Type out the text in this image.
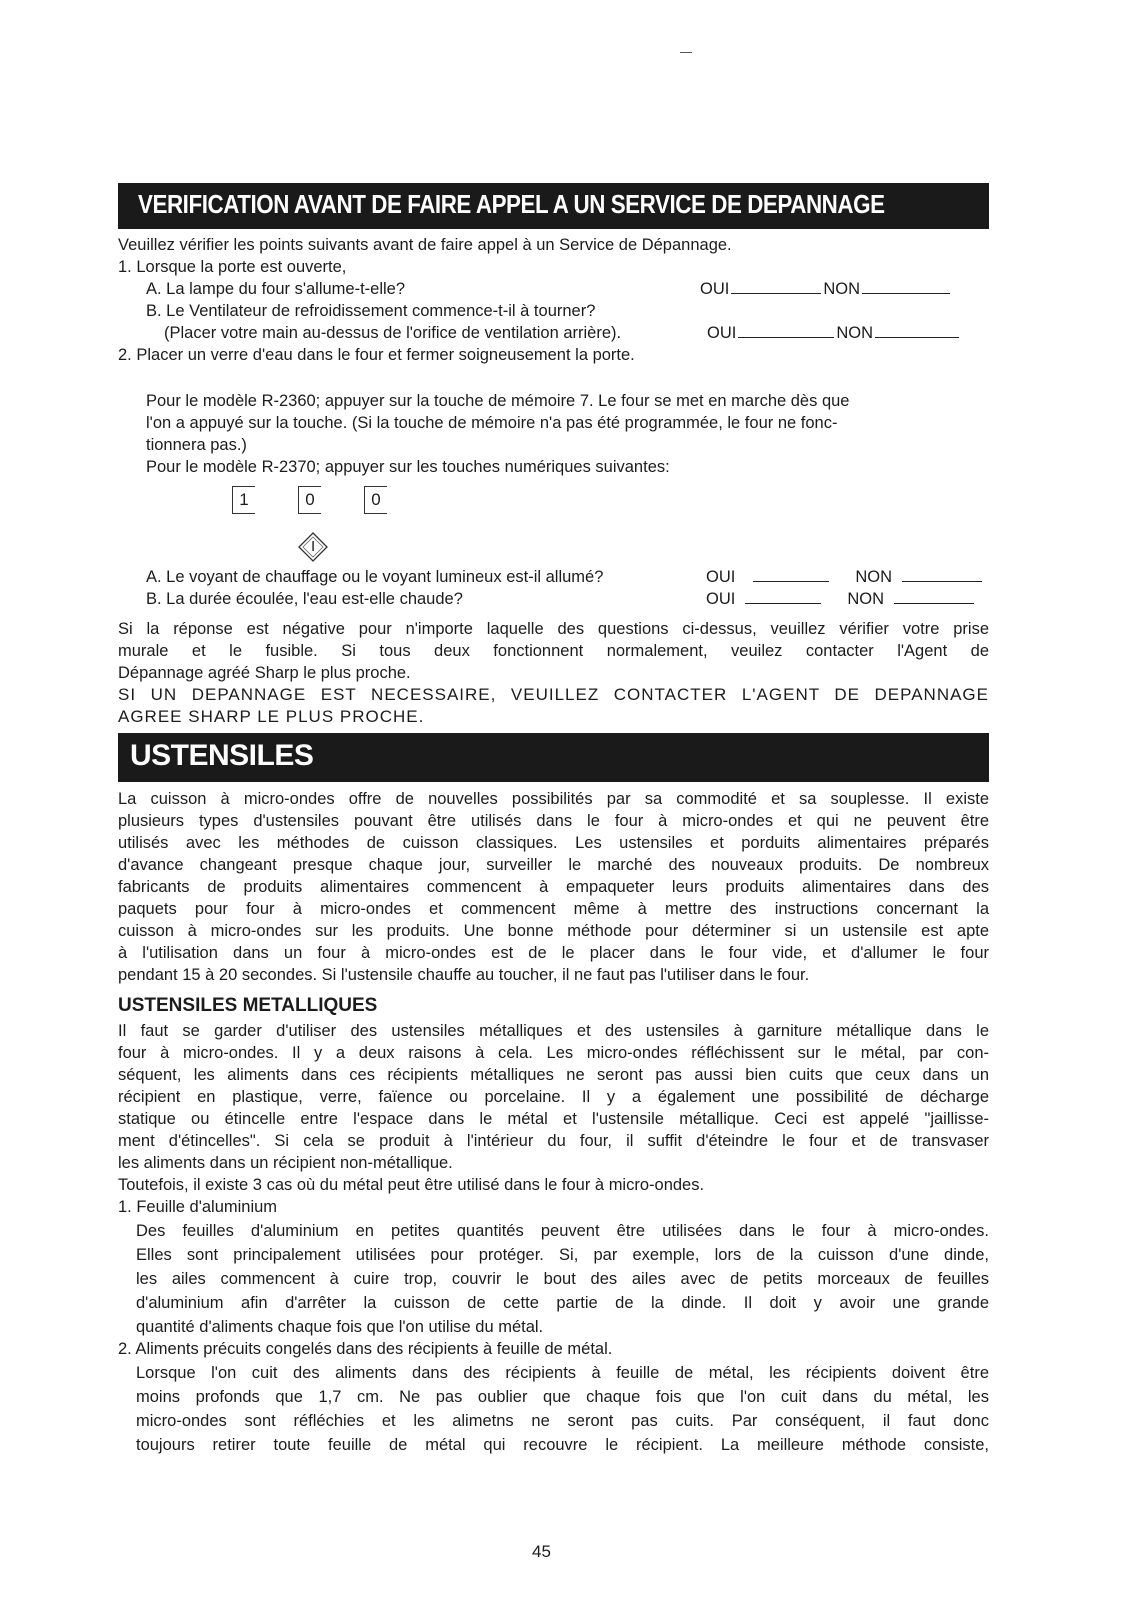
VERIFICATION AVANT DE FAIRE APPEL A UN SERVICE DE DEPANNAGE
Veuillez vérifier les points suivants avant de faire appel à un Service de Dépannage.
1. Lorsque la porte est ouverte,
A. La lampe du four s'allume-t-elle?	OUI	NON
B. Le Ventilateur de refroidissement commence-t-il à tourner?
(Placer votre main au-dessus de l'orifice de ventilation arrière).	OUI	NON
2. Placer un verre d'eau dans le four et fermer soigneusement la porte.
Pour le modèle R-2360; appuyer sur la touche de mémoire 7. Le four se met en marche dès que
l'on a appuyé sur la touche. (Si la touche de mémoire n'a pas été programmée, le four ne fonc-
tionnera pas.)
Pour le modèle R-2370; appuyer sur les touches numériques suivantes:
1	0	0
I
A. Le voyant de chauffage ou le voyant lumineux est-il allumé?	OUI	NON
B. La durée écoulée, l'eau est-elle chaude?	OUI	NON
Si la réponse est négative pour n'importe laquelle des questions ci-dessus, veuillez vérifier votre prise
murale et le fusible. Si tous deux fonctionnent normalement, veuilez contacter l'Agent de
Dépannage agréé Sharp le plus proche.
SI UN DEPANNAGE EST NECESSAIRE, VEUILLEZ CONTACTER L'AGENT DE DEPANNAGE
AGREE SHARP LE PLUS PROCHE.
USTENSILES
La cuisson à micro-ondes offre de nouvelles possibilités par sa commodité et sa souplesse. Il existe
plusieurs types d'ustensiles pouvant être utilisés dans le four à micro-ondes et qui ne peuvent être
utilisés avec les méthodes de cuisson classiques. Les ustensiles et porduits alimentaires préparés
d'avance changeant presque chaque jour, surveiller le marché des nouveaux produits. De nombreux
fabricants de produits alimentaires commencent à empaqueter leurs produits alimentaires dans des
paquets pour four à micro-ondes et commencent même à mettre des instructions concernant la
cuisson à micro-ondes sur les produits. Une bonne méthode pour déterminer si un ustensile est apte
à l'utilisation dans un four à micro-ondes est de le placer dans le four vide, et d'allumer le four
pendant 15 à 20 secondes. Si l'ustensile chauffe au toucher, il ne faut pas l'utiliser dans le four.
USTENSILES METALLIQUES
Il faut se garder d'utiliser des ustensiles métalliques et des ustensiles à garniture métallique dans le
four à micro-ondes. Il y a deux raisons à cela. Les micro-ondes réfléchissent sur le métal, par con-
séquent, les aliments dans ces récipients métalliques ne seront pas aussi bien cuits que ceux dans un
récipient en plastique, verre, faïence ou porcelaine. Il y a également une possibilité de décharge
statique ou étincelle entre l'espace dans le métal et l'ustensile métallique. Ceci est appelé "jaillisse-
ment d'étincelles". Si cela se produit à l'intérieur du four, il suffit d'éteindre le four et de transvaser
les aliments dans un récipient non-métallique.
Toutefois, il existe 3 cas où du métal peut être utilisé dans le four à micro-ondes.
1. Feuille d'aluminium
Des feuilles d'aluminium en petites quantités peuvent être utilisées dans le four à micro-ondes.
Elles sont principalement utilisées pour protéger. Si, par exemple, lors de la cuisson d'une dinde,
les ailes commencent à cuire trop, couvrir le bout des ailes avec de petits morceaux de feuilles
d'aluminium afin d'arrêter la cuisson de cette partie de la dinde. Il doit y avoir une grande
quantité d'aliments chaque fois que l'on utilise du métal.
2. Aliments précuits congelés dans des récipients à feuille de métal.
Lorsque l'on cuit des aliments dans des récipients à feuille de métal, les récipients doivent être
moins profonds que 1,7 cm. Ne pas oublier que chaque fois que l'on cuit dans du métal, les
micro-ondes sont réfléchies et les alimetns ne seront pas cuits. Par conséquent, il faut donc
toujours retirer toute feuille de métal qui recouvre le récipient. La meilleure méthode consiste,
45
